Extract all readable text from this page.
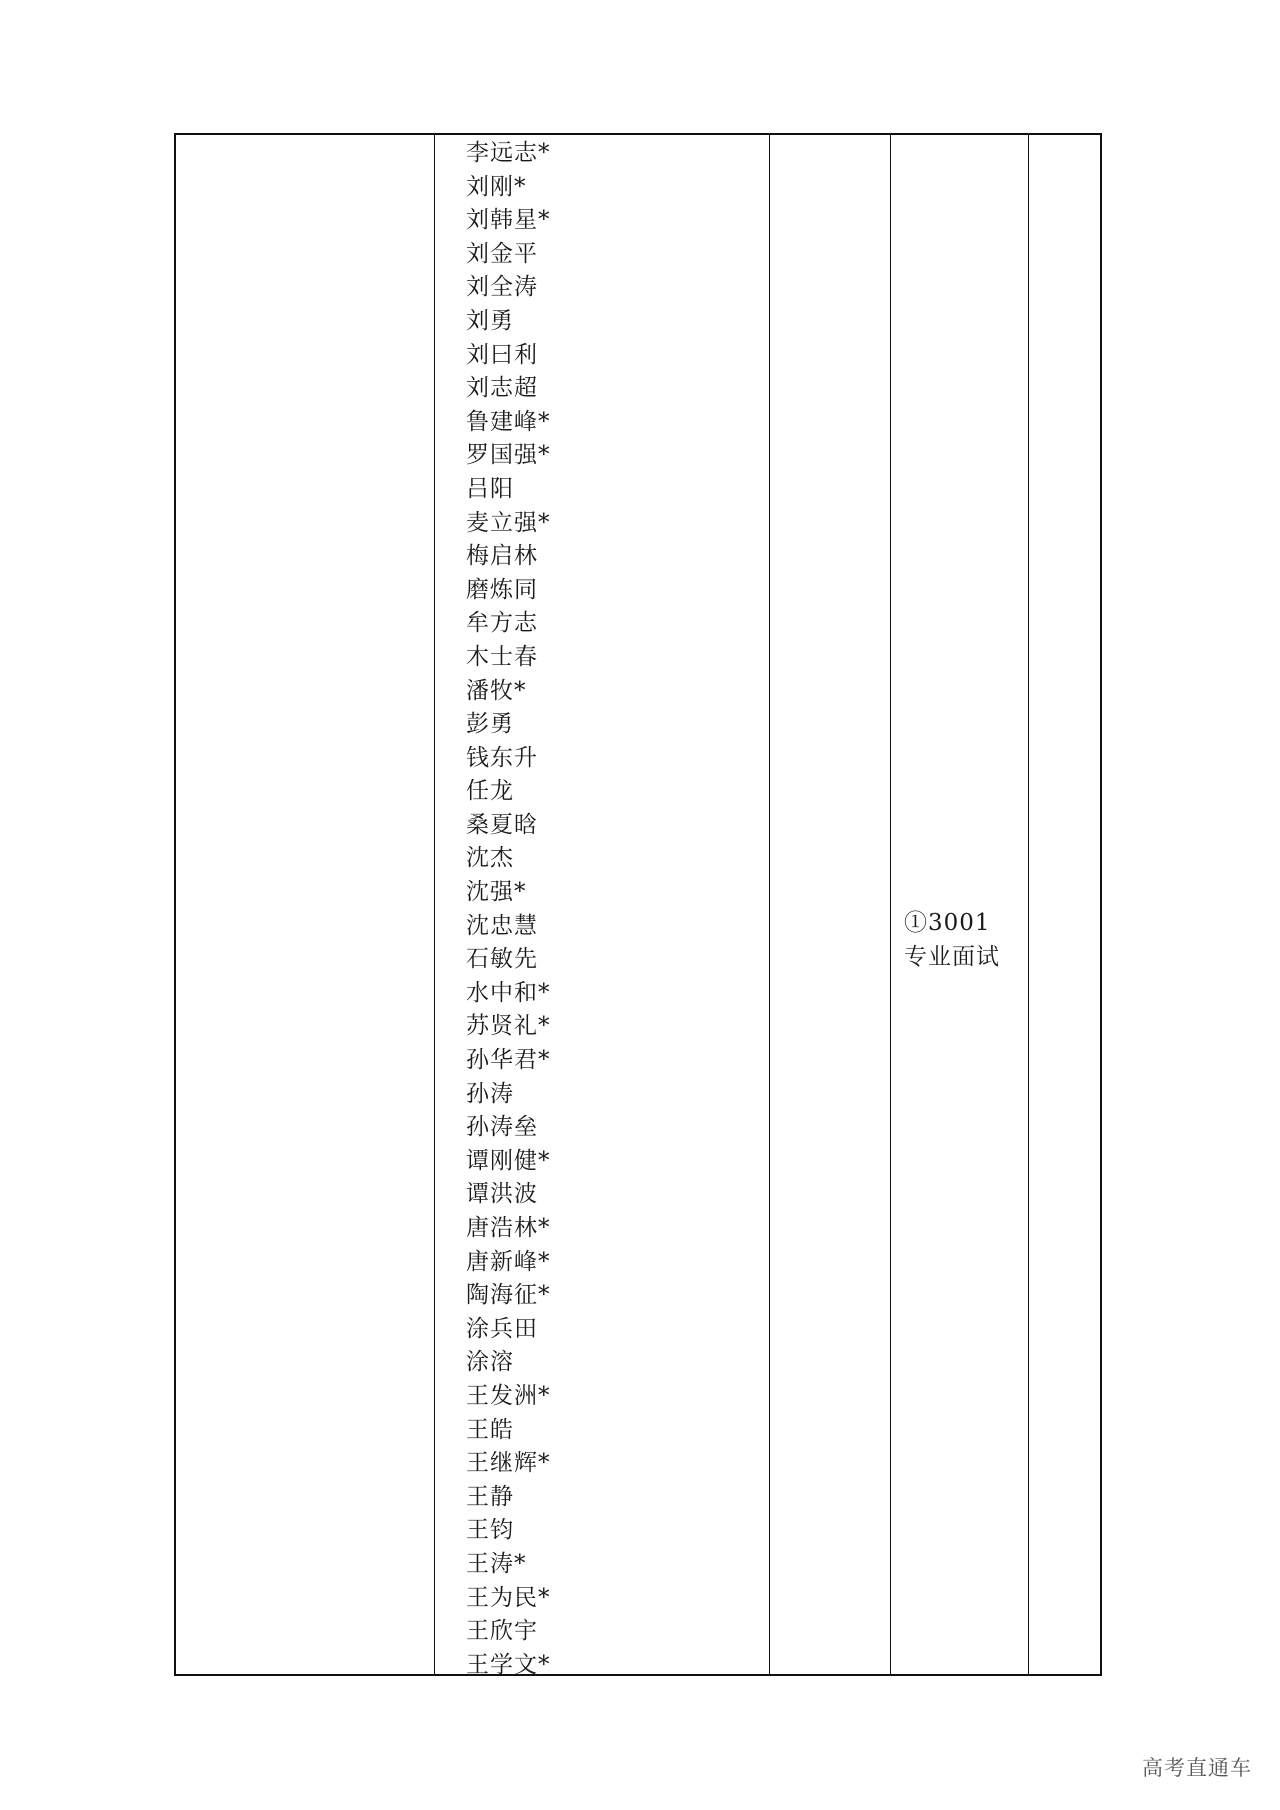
李远志*
刘刚*
刘韩星*
刘金平
刘全涛
刘勇
刘曰利
刘志超
鲁建峰*
罗国强*
吕阳
麦立强*
梅启林
磨炼同
牟方志
木士春
潘牧*
彭勇
钱东升
任龙
桑夏晗
沈杰
沈强*
沈忠慧
石敏先
水中和*
苏贤礼*
孙华君*
孙涛
孙涛垒
谭刚健*
谭洪波
唐浩林*
唐新峰*
陶海征*
涂兵田
涂溶
王发洲*
王皓
王继辉*
王静
王钧
王涛*
王为民*
王欣宇
王学文*
①3001 专业面试
高考直通车
